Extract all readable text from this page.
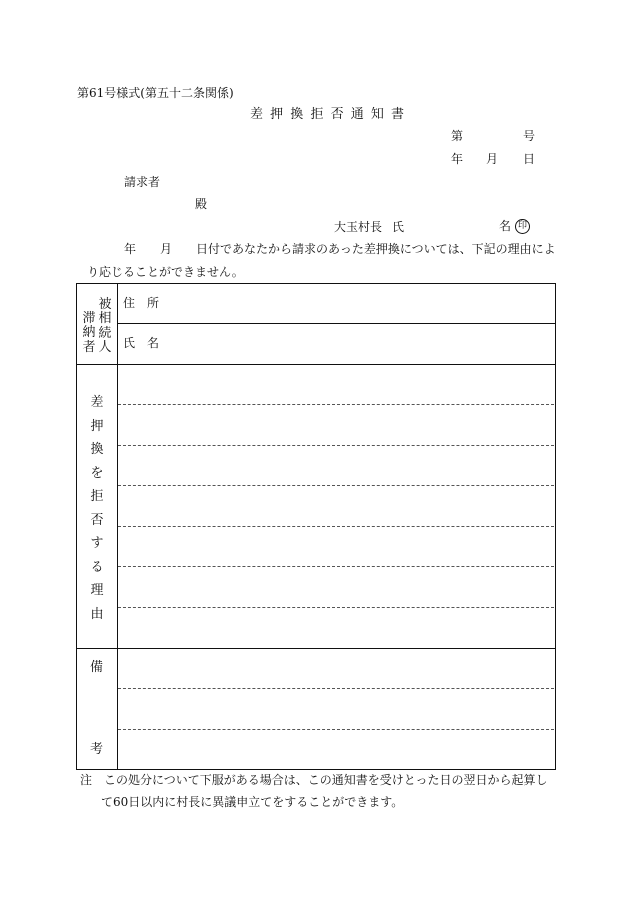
第61号様式(第五十二条関係)
差押換拒否通知書
第	号
年 月 日
請求者
殿
大玉村長 氏	名 印
年　　月　　日付であなたから請求のあった差押換については、下記の理由によ
り応じることができません。
滞
納
者
被
相
続
人
住　所
氏　名
差
押
換
を
拒
否
す
る
理
由
備
考
注　この処分について下服がある場合は、この通知書を受けとった日の翌日から起算し
て60日以内に村長に異議申立てをすることができます。
